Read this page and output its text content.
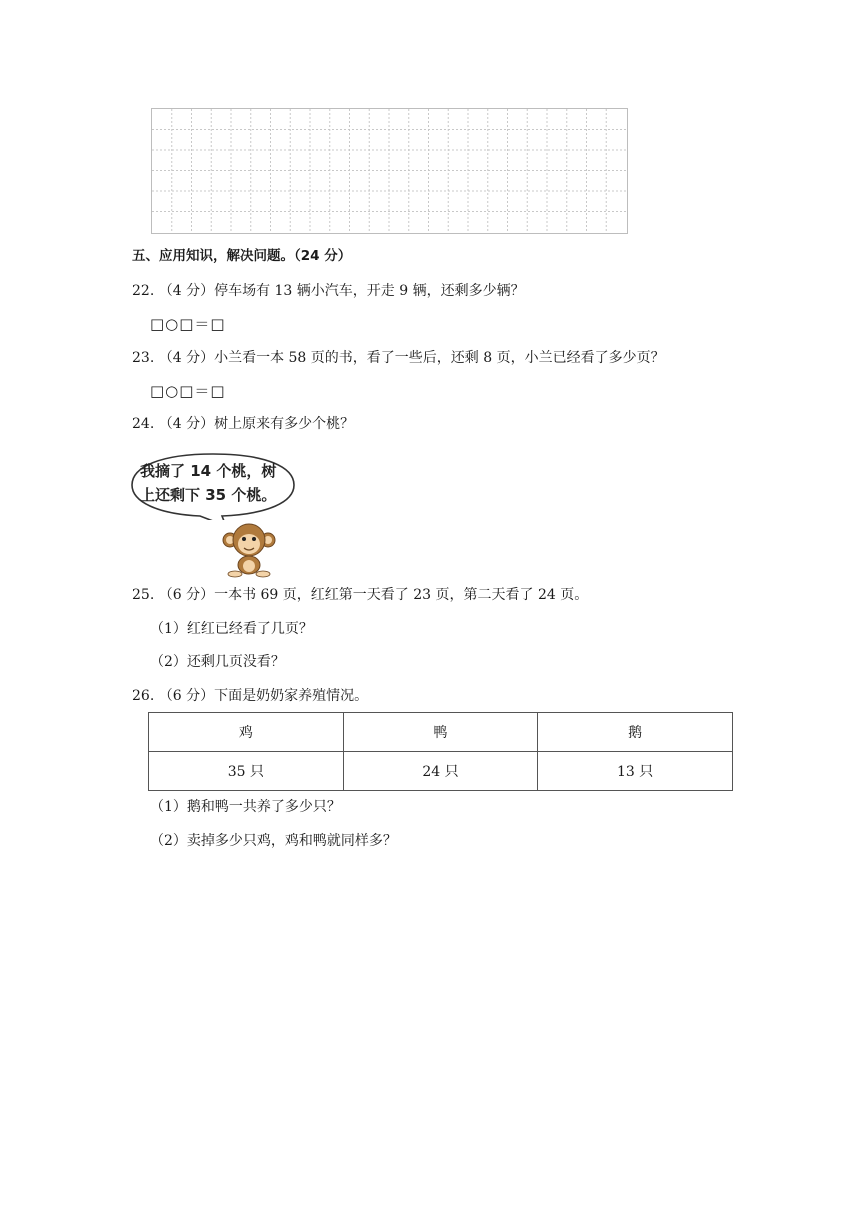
五、应用知识，解决问题。（24 分）
22. （4 分）停车场有 13 辆小汽车，开走 9 辆，还剩多少辆？
□○□＝□
23. （4 分）小兰看一本 58 页的书，看了一些后，还剩 8 页，小兰已经看了多少页？
□○□＝□
24. （4 分）树上原来有多少个桃？
我摘了 14 个桃，树
上还剩下 35 个桃。
25. （6 分）一本书 69 页，红红第一天看了 23 页，第二天看了 24 页。
（1）红红已经看了几页？
（2）还剩几页没看？
26. （6 分）下面是奶奶家养殖情况。
鸡	鸭	鹅
35 只	24 只	13 只
（1）鹅和鸭一共养了多少只？
（2）卖掉多少只鸡，鸡和鸭就同样多？
